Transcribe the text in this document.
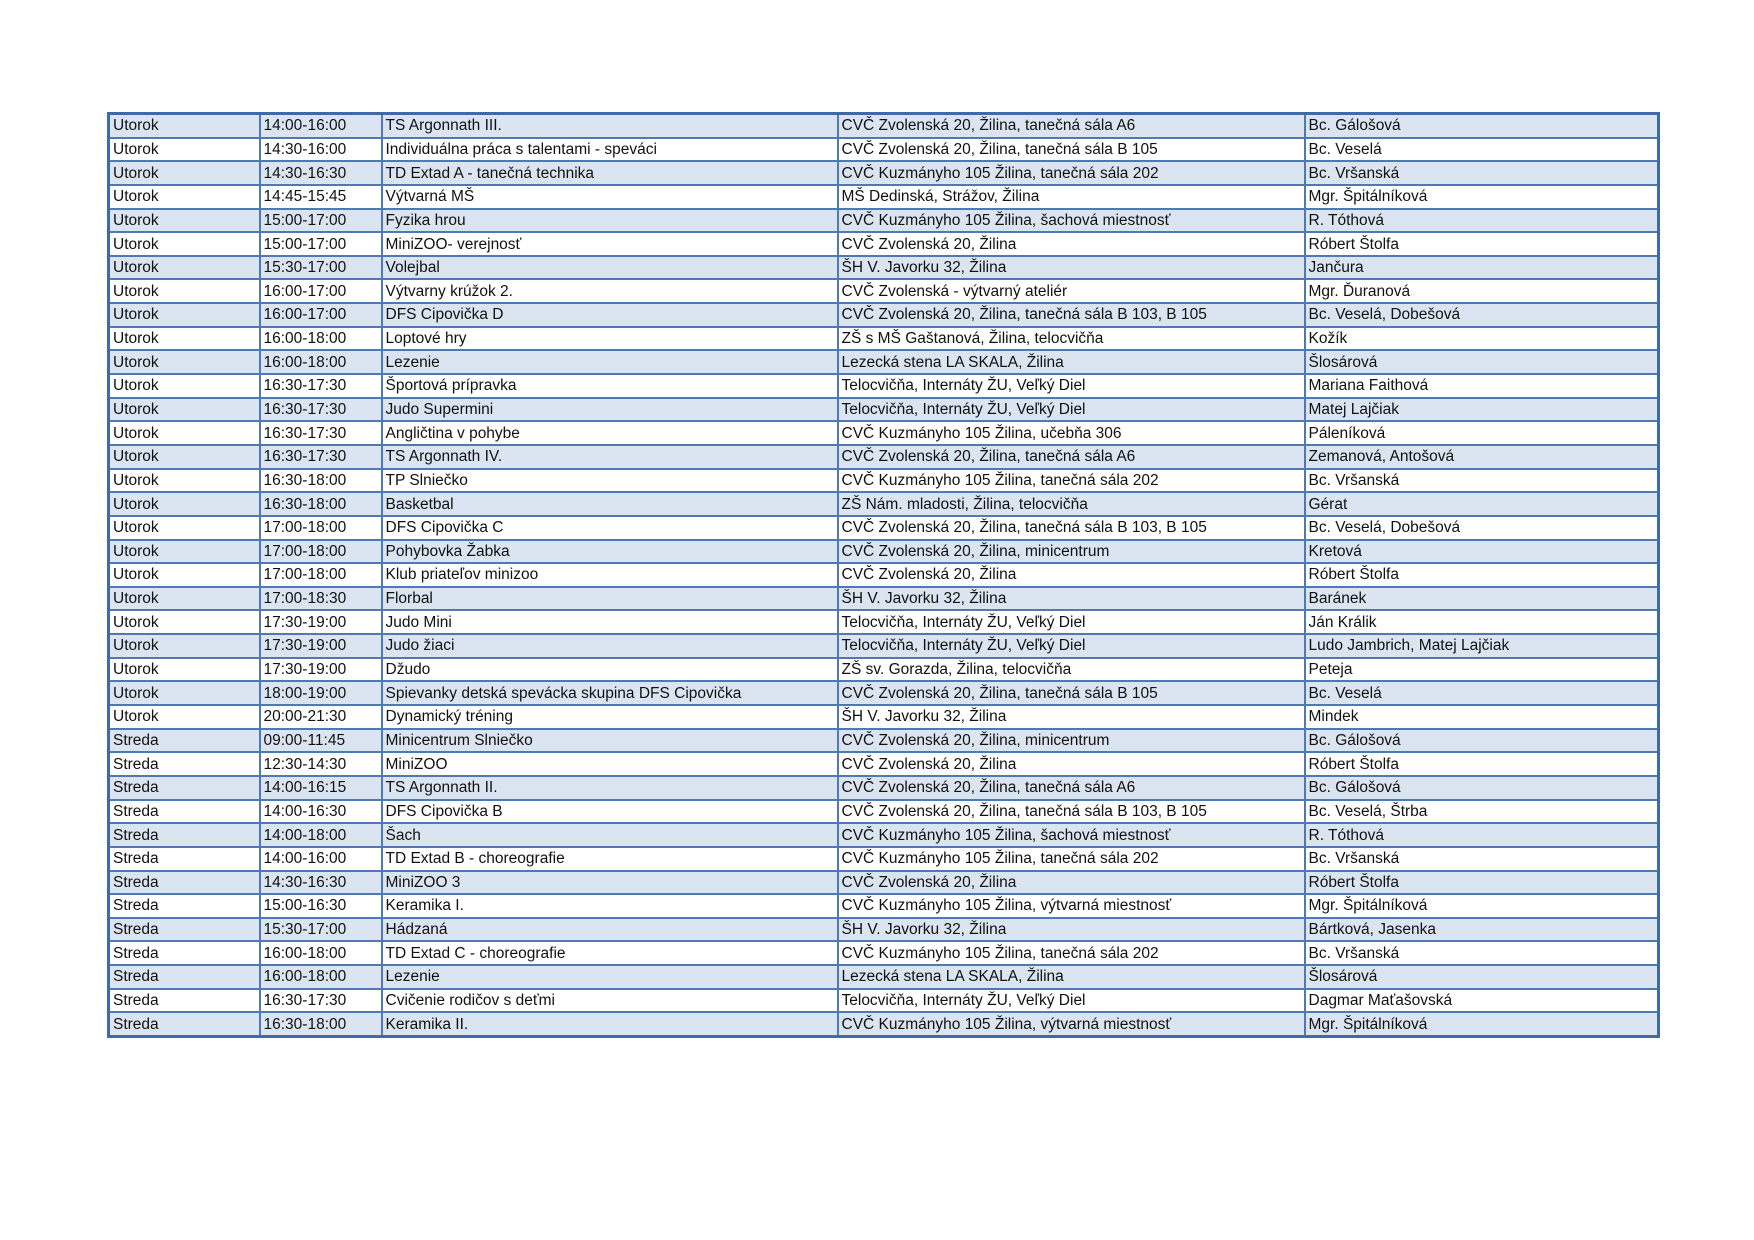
Utorok	14:00-16:00	TS Argonnath III.	CVČ Zvolenská 20, Žilina, tanečná sála A6	Bc. Gálošová
Utorok	14:30-16:00	Individuálna práca s talentami - speváci	CVČ Zvolenská 20, Žilina, tanečná sála B 105	Bc. Veselá
Utorok	14:30-16:30	TD Extad A - tanečná technika	CVČ Kuzmányho 105 Žilina, tanečná sála 202	Bc. Vršanská
Utorok	14:45-15:45	Výtvarná MŠ	MŠ Dedinská, Strážov, Žilina	Mgr. Špitálníková
Utorok	15:00-17:00	Fyzika hrou	CVČ Kuzmányho 105 Žilina, šachová miestnosť	R. Tóthová
Utorok	15:00-17:00	MiniZOO- verejnosť	CVČ Zvolenská 20, Žilina	Róbert Štolfa
Utorok	15:30-17:00	Volejbal	ŠH V. Javorku 32, Žilina	Jančura
Utorok	16:00-17:00	Výtvarny krúžok 2.	CVČ Zvolenská - výtvarný ateliér	Mgr. Ďuranová
Utorok	16:00-17:00	DFS Cipovička D	CVČ Zvolenská 20, Žilina, tanečná sála B 103, B 105	Bc. Veselá, Dobešová
Utorok	16:00-18:00	Loptové hry	ZŠ s MŠ Gaštanová, Žilina, telocvičňa	Kožík
Utorok	16:00-18:00	Lezenie	Lezecká stena LA SKALA, Žilina	Šlosárová
Utorok	16:30-17:30	Športová prípravka	Telocvičňa, Internáty ŽU, Veľký Diel	Mariana Faithová
Utorok	16:30-17:30	Judo Supermini	Telocvičňa, Internáty ŽU, Veľký Diel	Matej Lajčiak
Utorok	16:30-17:30	Angličtina v pohybe	CVČ Kuzmányho 105 Žilina, učebňa 306	Páleníková
Utorok	16:30-17:30	TS Argonnath IV.	CVČ Zvolenská 20, Žilina, tanečná sála A6	Zemanová, Antošová
Utorok	16:30-18:00	TP Slniečko	CVČ Kuzmányho 105 Žilina, tanečná sála 202	Bc. Vršanská
Utorok	16:30-18:00	Basketbal	ZŠ Nám. mladosti, Žilina, telocvičňa	Gérat
Utorok	17:00-18:00	DFS Cipovička C	CVČ Zvolenská 20, Žilina, tanečná sála B 103, B 105	Bc. Veselá, Dobešová
Utorok	17:00-18:00	Pohybovka Žabka	CVČ Zvolenská 20, Žilina, minicentrum	Kretová
Utorok	17:00-18:00	Klub priateľov minizoo	CVČ Zvolenská 20, Žilina	Róbert Štolfa
Utorok	17:00-18:30	Florbal	ŠH V. Javorku 32, Žilina	Baránek
Utorok	17:30-19:00	Judo Mini	Telocvičňa, Internáty ŽU, Veľký Diel	Ján Králik
Utorok	17:30-19:00	Judo žiaci	Telocvičňa, Internáty ŽU, Veľký Diel	Ludo Jambrich, Matej Lajčiak
Utorok	17:30-19:00	Džudo	ZŠ sv. Gorazda, Žilina, telocvičňa	Peteja
Utorok	18:00-19:00	Spievanky detská spevácka skupina DFS Cipovička	CVČ Zvolenská 20, Žilina, tanečná sála B 105	Bc. Veselá
Utorok	20:00-21:30	Dynamický tréning	ŠH V. Javorku 32, Žilina	Mindek
Streda	09:00-11:45	Minicentrum Slniečko	CVČ Zvolenská 20, Žilina, minicentrum	Bc. Gálošová
Streda	12:30-14:30	MiniZOO	CVČ Zvolenská 20, Žilina	Róbert Štolfa
Streda	14:00-16:15	TS Argonnath II.	CVČ Zvolenská 20, Žilina, tanečná sála A6	Bc. Gálošová
Streda	14:00-16:30	DFS Cipovička B	CVČ Zvolenská 20, Žilina, tanečná sála B 103, B 105	Bc. Veselá, Štrba
Streda	14:00-18:00	Šach	CVČ Kuzmányho 105 Žilina, šachová miestnosť	R. Tóthová
Streda	14:00-16:00	TD Extad B - choreografie	CVČ Kuzmányho 105 Žilina, tanečná sála 202	Bc. Vršanská
Streda	14:30-16:30	MiniZOO 3	CVČ Zvolenská 20, Žilina	Róbert Štolfa
Streda	15:00-16:30	Keramika I.	CVČ Kuzmányho 105 Žilina, výtvarná miestnosť	Mgr. Špitálníková
Streda	15:30-17:00	Hádzaná	ŠH V. Javorku 32, Žilina	Bártková, Jasenka
Streda	16:00-18:00	TD Extad C - choreografie	CVČ Kuzmányho 105 Žilina, tanečná sála 202	Bc. Vršanská
Streda	16:00-18:00	Lezenie	Lezecká stena LA SKALA, Žilina	Šlosárová
Streda	16:30-17:30	Cvičenie rodičov s deťmi	Telocvičňa, Internáty ŽU, Veľký Diel	Dagmar Maťašovská
Streda	16:30-18:00	Keramika II.	CVČ Kuzmányho 105 Žilina, výtvarná miestnosť	Mgr. Špitálníková
